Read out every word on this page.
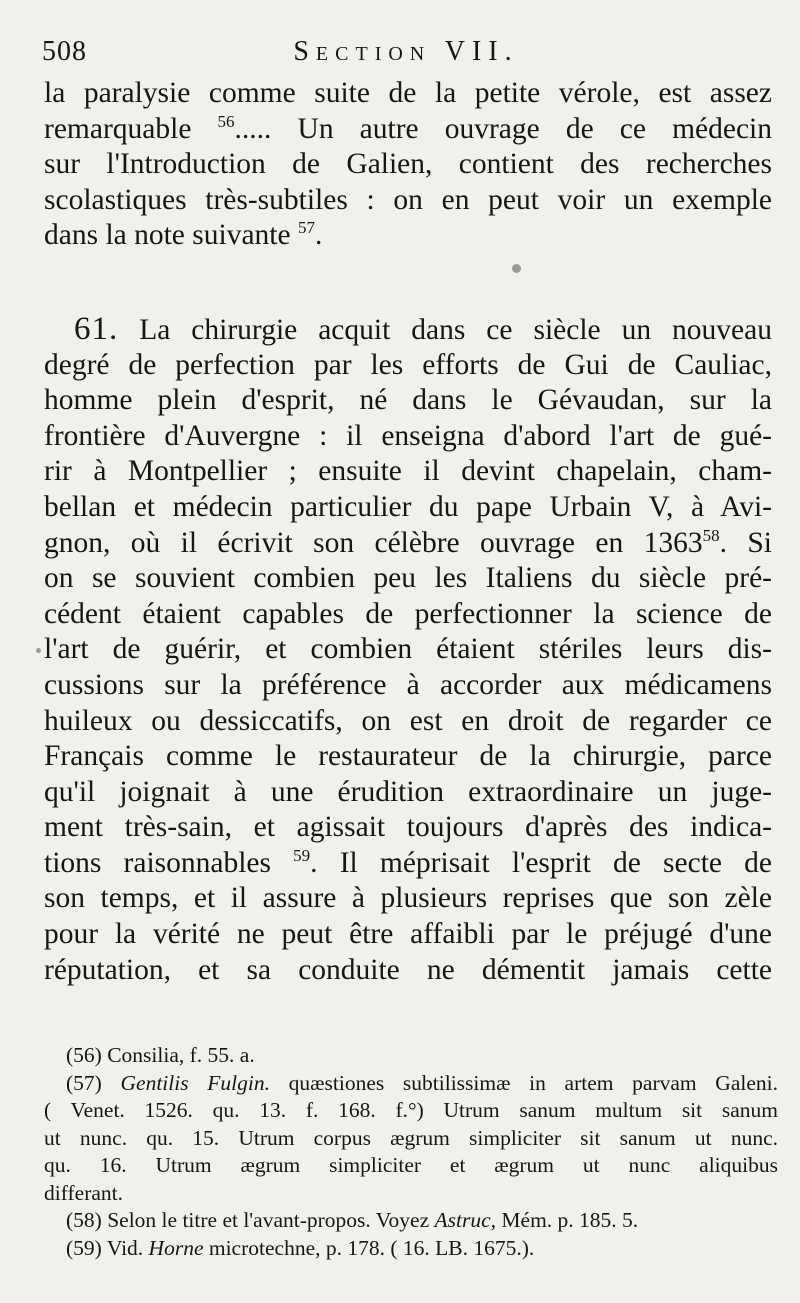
508	Section VII.
la paralysie comme suite de la petite vérole, est assez
remarquable $^{56}$..... Un autre ouvrage de ce médecin
sur l'Introduction de Galien, contient des recherches
scolastiques très-subtiles : on en peut voir un exemple
dans la note suivante $^{57}$.
61. La chirurgie acquit dans ce siècle un nouveau
degré de perfection par les efforts de Gui de Cauliac,
homme plein d'esprit, né dans le Gévaudan, sur la
frontière d'Auvergne : il enseigna d'abord l'art de gué-
rir à Montpellier ; ensuite il devint chapelain, cham-
bellan et médecin particulier du pape Urbain V, à Avi-
gnon, où il écrivit son célèbre ouvrage en 1363$^{58}$. Si
on se souvient combien peu les Italiens du siècle pré-
cédent étaient capables de perfectionner la science de
l'art de guérir, et combien étaient stériles leurs dis-
cussions sur la préférence à accorder aux médicamens
huileux ou dessiccatifs, on est en droit de regarder ce
Français comme le restaurateur de la chirurgie, parce
qu'il joignait à une érudition extraordinaire un juge-
ment très-sain, et agissait toujours d'après des indica-
tions raisonnables $^{59}$. Il méprisait l'esprit de secte de
son temps, et il assure à plusieurs reprises que son zèle
pour la vérité ne peut être affaibli par le préjugé d'une
réputation, et sa conduite ne démentit jamais cette
(56) Consilia, f. 55. a.
(57) Gentilis Fulgin. quæstiones subtilissimæ in artem parvam Galeni.
( Venet. 1526. qu. 13. f. 168. f.°) Utrum sanum multum sit sanum
ut nunc. qu. 15. Utrum corpus ægrum simpliciter sit sanum ut nunc.
qu. 16. Utrum ægrum simpliciter et ægrum ut nunc aliquibus
differant.
(58) Selon le titre et l'avant-propos. Voyez Astruc, Mém. p. 185. 5.
(59) Vid. Horne microtechne, p. 178. ( 16. LB. 1675.).
